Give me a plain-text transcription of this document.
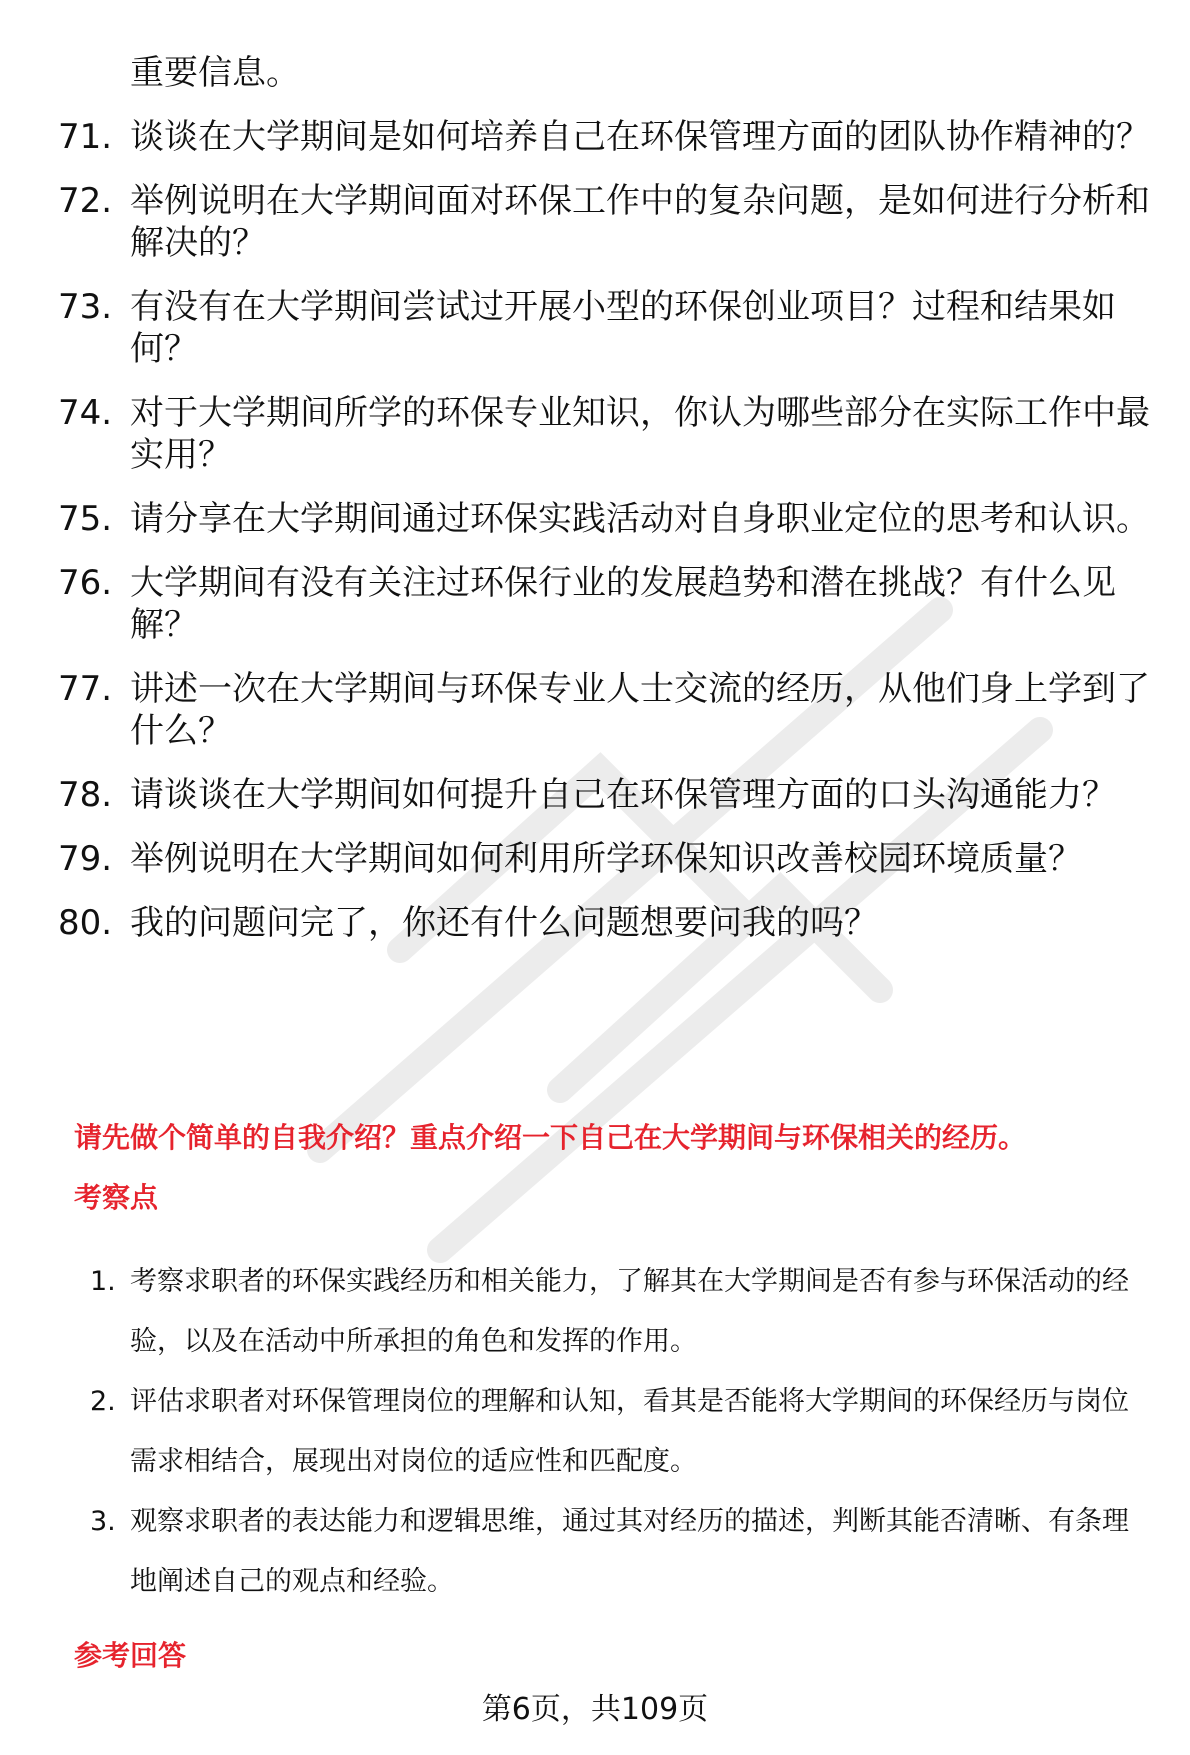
重要信息。

71. 谈谈在大学期间是如何培养自己在环保管理方面的团队协作精神的？
72. 举例说明在大学期间面对环保工作中的复杂问题，是如何进行分析和解决的？
73. 有没有在大学期间尝试过开展小型的环保创业项目？过程和结果如何？
74. 对于大学期间所学的环保专业知识，你认为哪些部分在实际工作中最实用？
75. 请分享在大学期间通过环保实践活动对自身职业定位的思考和认识。
76. 大学期间有没有关注过环保行业的发展趋势和潜在挑战？有什么见解？
77. 讲述一次在大学期间与环保专业人士交流的经历，从他们身上学到了什么？
78. 请谈谈在大学期间如何提升自己在环保管理方面的口头沟通能力？
79. 举例说明在大学期间如何利用所学环保知识改善校园环境质量？
80. 我的问题问完了，你还有什么问题想要问我的吗？

请先做个简单的自我介绍？重点介绍一下自己在大学期间与环保相关的经历。

考察点

1. 考察求职者的环保实践经历和相关能力，了解其在大学期间是否有参与环保活动的经验，以及在活动中所承担的角色和发挥的作用。
2. 评估求职者对环保管理岗位的理解和认知，看其是否能将大学期间的环保经历与岗位需求相结合，展现出对岗位的适应性和匹配度。
3. 观察求职者的表达能力和逻辑思维，通过其对经历的描述，判断其能否清晰、有条理地阐述自己的观点和经验。

参考回答

第6页，共109页
